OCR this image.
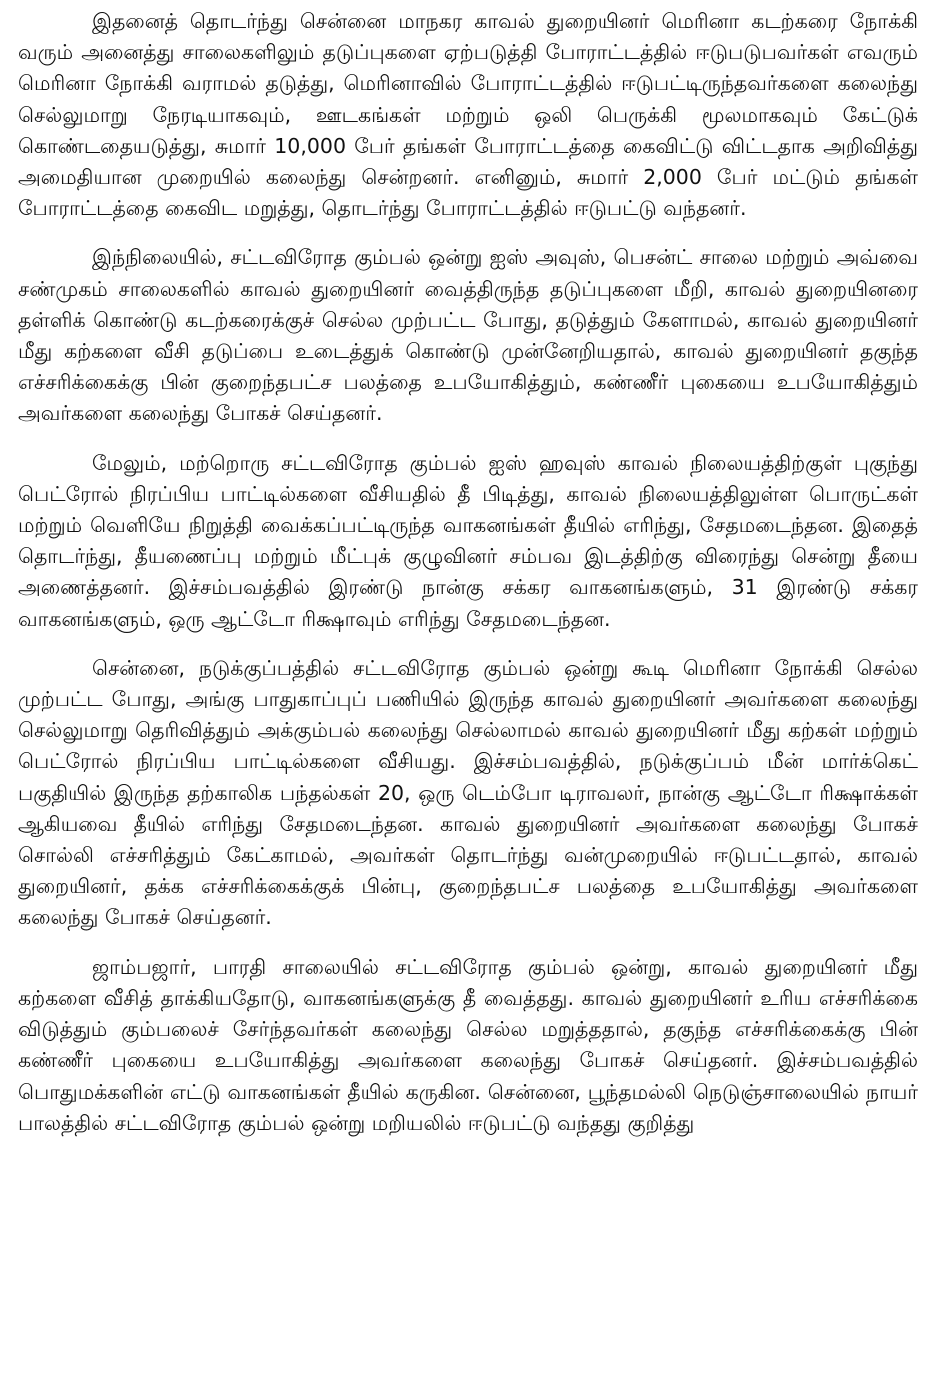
இதனைத் தொடர்ந்து சென்னை மாநகர காவல் துறையினர் மெரினா கடற்கரை நோக்கி வரும் அனைத்து சாலைகளிலும் தடுப்புகளை ஏற்படுத்தி போராட்டத்தில் ஈடுபடுபவர்கள் எவரும் மெரினா நோக்கி வராமல் தடுத்து, மெரினாவில் போராட்டத்தில் ஈடுபட்டிருந்தவர்களை கலைந்து செல்லுமாறு நேரடியாகவும், ஊடகங்கள் மற்றும் ஒலி பெருக்கி மூலமாகவும் கேட்டுக் கொண்டதையடுத்து, சுமார் 10,000 பேர் தங்கள் போராட்டத்தை கைவிட்டு விட்டதாக அறிவித்து அமைதியான முறையில் கலைந்து சென்றனர். எனினும், சுமார் 2,000 பேர் மட்டும் தங்கள் போராட்டத்தை கைவிட மறுத்து, தொடர்ந்து போராட்டத்தில் ஈடுபட்டு வந்தனர்.

இந்நிலையில், சட்டவிரோத கும்பல் ஒன்று ஐஸ் அவுஸ், பெசன்ட் சாலை மற்றும் அவ்வை சண்முகம் சாலைகளில் காவல் துறையினர் வைத்திருந்த தடுப்புகளை மீறி, காவல் துறையினரை தள்ளிக் கொண்டு கடற்கரைக்குச் செல்ல முற்பட்ட போது, தடுத்தும் கேளாமல், காவல் துறையினர் மீது கற்களை வீசி தடுப்பை உடைத்துக் கொண்டு முன்னேறியதால், காவல் துறையினர் தகுந்த எச்சரிக்கைக்கு பின் குறைந்தபட்ச பலத்தை உபயோகித்தும், கண்ணீர் புகையை உபயோகித்தும் அவர்களை கலைந்து போகச் செய்தனர்.

மேலும், மற்றொரு சட்டவிரோத கும்பல் ஐஸ் ஹவுஸ் காவல் நிலையத்திற்குள் புகுந்து பெட்ரோல் நிரப்பிய பாட்டில்களை வீசியதில் தீ பிடித்து, காவல் நிலையத்திலுள்ள பொருட்கள் மற்றும் வெளியே நிறுத்தி வைக்கப்பட்டிருந்த வாகனங்கள் தீயில் எரிந்து, சேதமடைந்தன. இதைத் தொடர்ந்து, தீயணைப்பு மற்றும் மீட்புக் குழுவினர் சம்பவ இடத்திற்கு விரைந்து சென்று தீயை அணைத்தனர். இச்சம்பவத்தில் இரண்டு நான்கு சக்கர வாகனங்களும், 31 இரண்டு சக்கர வாகனங்களும், ஒரு ஆட்டோ ரிக்ஷாவும் எரிந்து சேதமடைந்தன.

சென்னை, நடுக்குப்பத்தில் சட்டவிரோத கும்பல் ஒன்று கூடி மெரினா நோக்கி செல்ல முற்பட்ட போது, அங்கு பாதுகாப்புப் பணியில் இருந்த காவல் துறையினர் அவர்களை கலைந்து செல்லுமாறு தெரிவித்தும் அக்கும்பல் கலைந்து செல்லாமல் காவல் துறையினர் மீது கற்கள் மற்றும் பெட்ரோல் நிரப்பிய பாட்டில்களை வீசியது. இச்சம்பவத்தில், நடுக்குப்பம் மீன் மார்க்கெட் பகுதியில் இருந்த தற்காலிக பந்தல்கள் 20, ஒரு டெம்போ டிராவலர், நான்கு ஆட்டோ ரிக்ஷாக்கள் ஆகியவை தீயில் எரிந்து சேதமடைந்தன. காவல் துறையினர் அவர்களை கலைந்து போகச் சொல்லி எச்சரித்தும் கேட்காமல், அவர்கள் தொடர்ந்து வன்முறையில் ஈடுபட்டதால், காவல் துறையினர், தக்க எச்சரிக்கைக்குக் பின்பு, குறைந்தபட்ச பலத்தை உபயோகித்து அவர்களை கலைந்து போகச் செய்தனர்.

ஜாம்பஜார், பாரதி சாலையில் சட்டவிரோத கும்பல் ஒன்று, காவல் துறையினர் மீது கற்களை வீசித் தாக்கியதோடு, வாகனங்களுக்கு தீ வைத்தது. காவல் துறையினர் உரிய எச்சரிக்கை விடுத்தும் கும்பலைச் சேர்ந்தவர்கள் கலைந்து செல்ல மறுத்ததால், தகுந்த எச்சரிக்கைக்கு பின் கண்ணீர் புகையை உபயோகித்து அவர்களை கலைந்து போகச் செய்தனர். இச்சம்பவத்தில் பொதுமக்களின் எட்டு வாகனங்கள் தீயில் கருகின. சென்னை, பூந்தமல்லி நெடுஞ்சாலையில் நாயர் பாலத்தில் சட்டவிரோத கும்பல் ஒன்று மறியலில் ஈடுபட்டு வந்தது குறித்து
